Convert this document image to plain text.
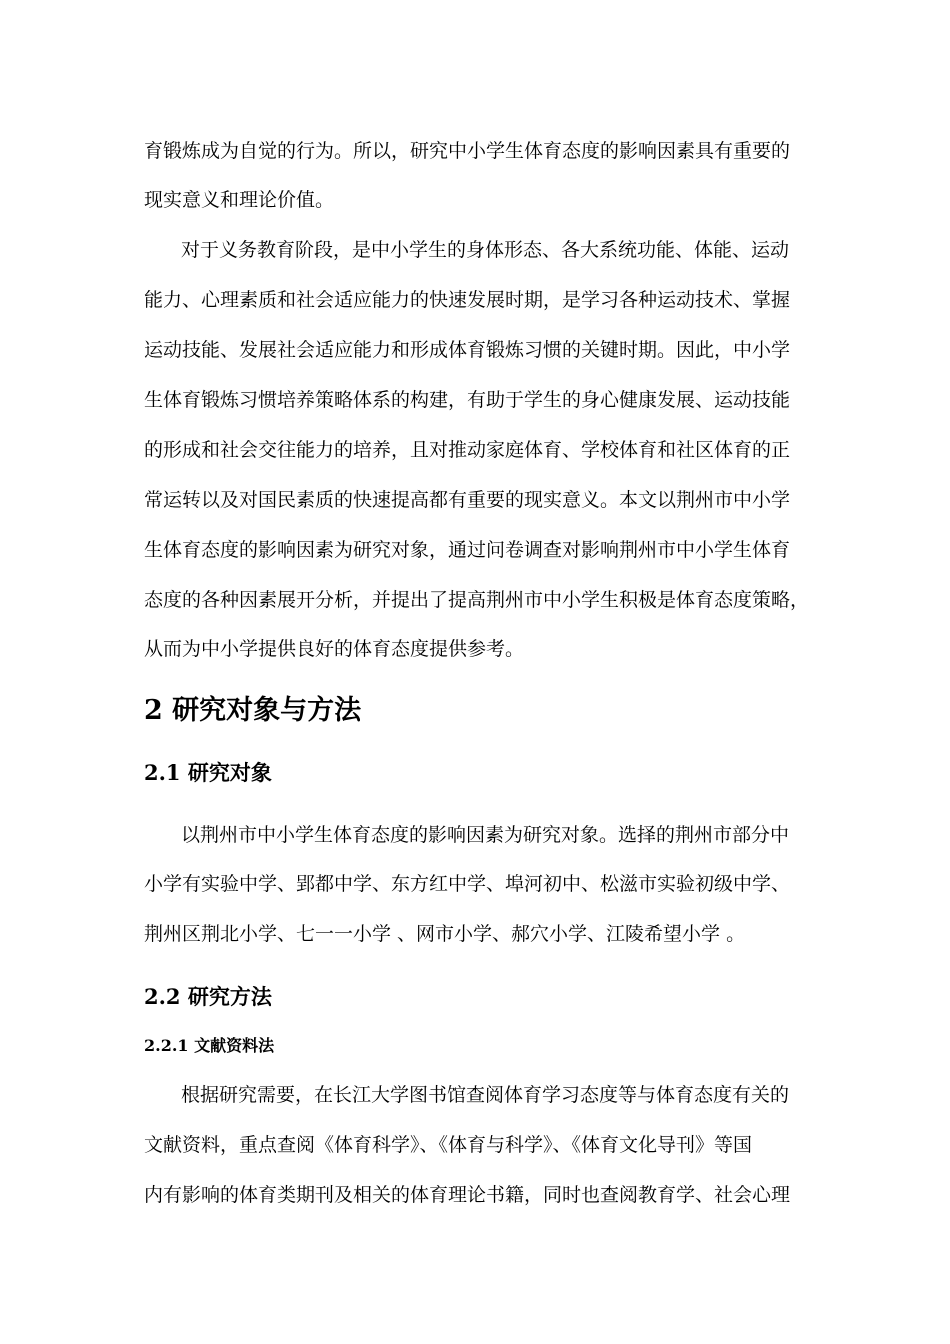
育锻炼成为自觉的行为。所以，研究中小学生体育态度的影响因素具有重要的
现实意义和理论价值。
对于义务教育阶段，是中小学生的身体形态、各大系统功能、体能、运动
能力、心理素质和社会适应能力的快速发展时期，是学习各种运动技术、掌握
运动技能、发展社会适应能力和形成体育锻炼习惯的关键时期。因此，中小学
生体育锻炼习惯培养策略体系的构建，有助于学生的身心健康发展、运动技能
的形成和社会交往能力的培养，且对推动家庭体育、学校体育和社区体育的正
常运转以及对国民素质的快速提高都有重要的现实意义。本文以荆州市中小学
生体育态度的影响因素为研究对象，通过问卷调查对影响荆州市中小学生体育
态度的各种因素展开分析，并提出了提高荆州市中小学生积极是体育态度策略，
从而为中小学提供良好的体育态度提供参考。
2 研究对象与方法
2.1 研究对象
以荆州市中小学生体育态度的影响因素为研究对象。选择的荆州市部分中
小学有实验中学、郢都中学、东方红中学、埠河初中、松滋市实验初级中学、
荆州区荆北小学、七一一小学 、网市小学、郝穴小学、江陵希望小学 。
2.2 研究方法
2.2.1 文献资料法
根据研究需要，在长江大学图书馆查阅体育学习态度等与体育态度有关的
文献资料，重点查阅《体育科学》、《体育与科学》、《体育文化导刊》等国
内有影响的体育类期刊及相关的体育理论书籍，同时也查阅教育学、社会心理
